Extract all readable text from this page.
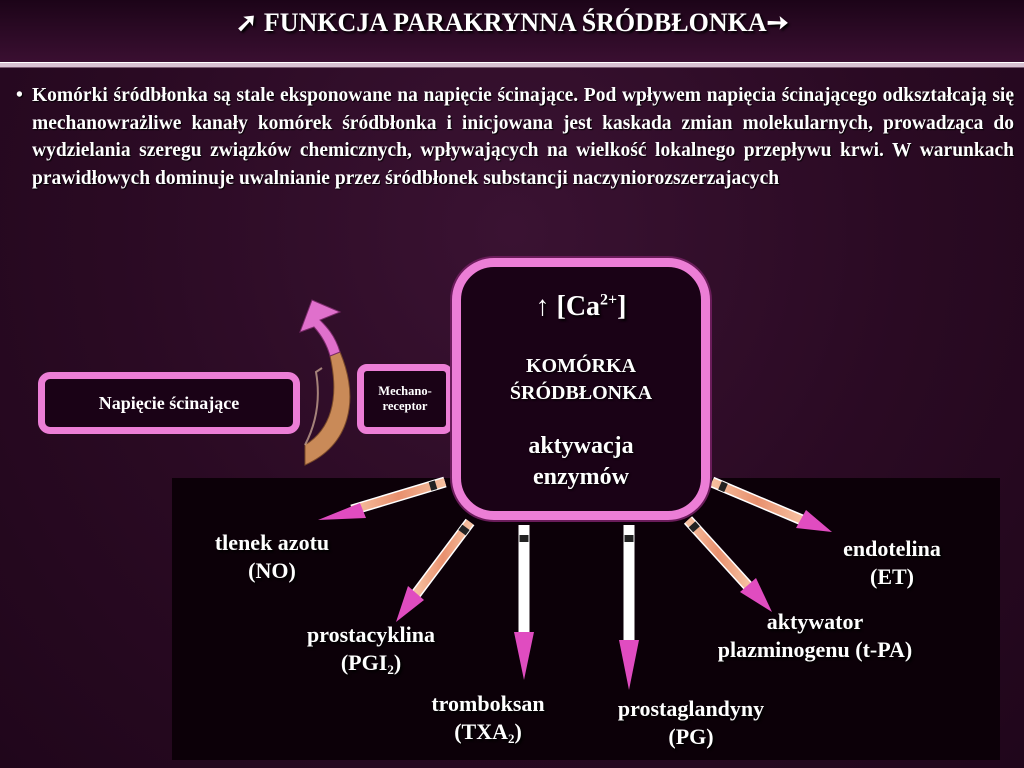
➚ FUNKCJA PARAKRYNNA ŚRÓDBŁONKA➙
• Komórki śródbłonka są stale eksponowane na napięcie ścinające. Pod wpływem napięcia ścinającego odkształcają się mechanowrażliwe kanały komórek śródbłonka i inicjowana jest kaskada zmian molekularnych, prowadząca do wydzielania szeregu związków chemicznych, wpływających na wielkość lokalnego przepływu krwi. W warunkach prawidłowych dominuje uwalnianie przez śródbłonek substancji naczyniorozszerzajacych
Napięcie ścinające
Mechano-
receptor
↑ $[Ca^{2+}]$
KOMÓRKA
ŚRÓDBŁONKA
aktywacja
enzymów
tlenek azotu
(NO)
prostacyklina
$(PGI_2)$
tromboksan
$(TXA_2)$
prostaglandyny
(PG)
aktywator
plazminogenu (t-PA)
endotelina
(ET)
